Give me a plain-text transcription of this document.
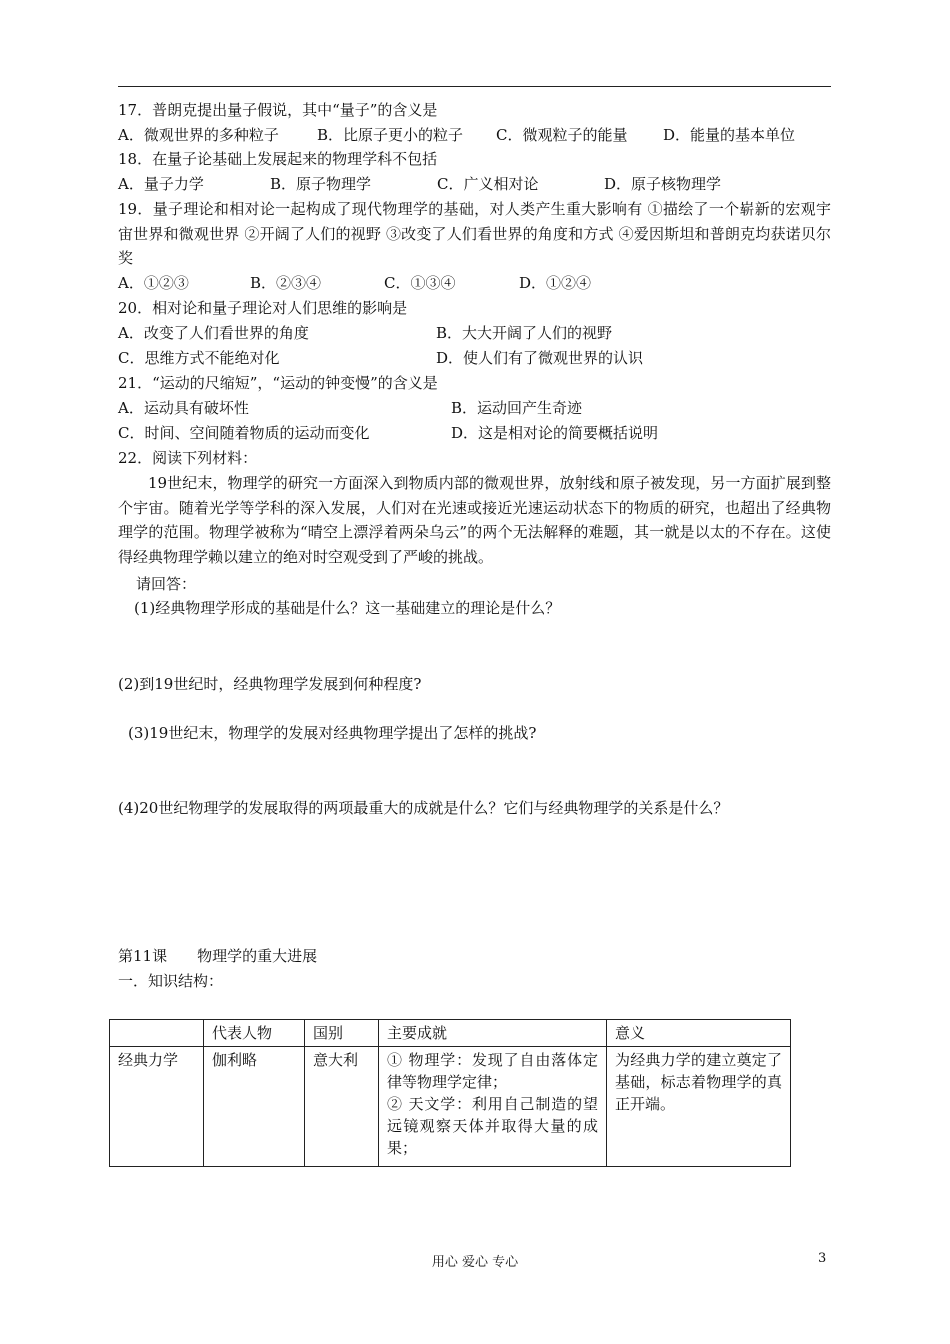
17．普朗克提出量子假说，其中“量子”的含义是
A．微观世界的多种粒子	B．比原子更小的粒子 C．微观粒子的能量 D．能量的基本单位
18．在量子论基础上发展起来的物理学科不包括
A．量子力学	B．原子物理学	C．广义相对论	D．原子核物理学
19．量子理论和相对论一起构成了现代物理学的基础，对人类产生重大影响有 ①描绘了一个崭新的宏观宇宙世界和微观世界 ②开阔了人们的视野 ③改变了人们看世界的角度和方式 ④爱因斯坦和普朗克均获诺贝尔奖
A．①②③	B．②③④	C．①③④	D．①②④
20．相对论和量子理论对人们思维的影响是
A．改变了人们看世界的角度	B．大大开阔了人们的视野
C．思维方式不能绝对化	D．使人们有了微观世界的认识
21．“运动的尺缩短”，“运动的钟变慢”的含义是
A．运动具有破坏性	B．运动回产生奇迹
C．时间、空间随着物质的运动而变化	D．这是相对论的简要概括说明
22．阅读下列材料：
19世纪末，物理学的研究一方面深入到物质内部的微观世界，放射线和原子被发现，另一方面扩展到整个宇宙。随着光学等学科的深入发展，人们对在光速或接近光速运动状态下的物质的研究，也超出了经典物理学的范围。物理学被称为“晴空上漂浮着两朵乌云”的两个无法解释的难题，其一就是以太的不存在。这使得经典物理学赖以建立的绝对时空观受到了严峻的挑战。
请回答：
(1)经典物理学形成的基础是什么？这一基础建立的理论是什么？
(2)到19世纪时，经典物理学发展到何种程度?
(3)19世纪末，物理学的发展对经典物理学提出了怎样的挑战?
(4)20世纪物理学的发展取得的两项最重大的成就是什么？它们与经典物理学的关系是什么？
第11课　　物理学的重大进展
一．知识结构：
	代表人物	国别	主要成就	意义
经典力学	伽利略	意大利	① 物理学：发现了自由落体定律等物理学定律；
② 天文学：利用自己制造的望远镜观察天体并取得大量的成果；	为经典力学的建立奠定了基础，标志着物理学的真正开端。
用心 爱心 专心	3
